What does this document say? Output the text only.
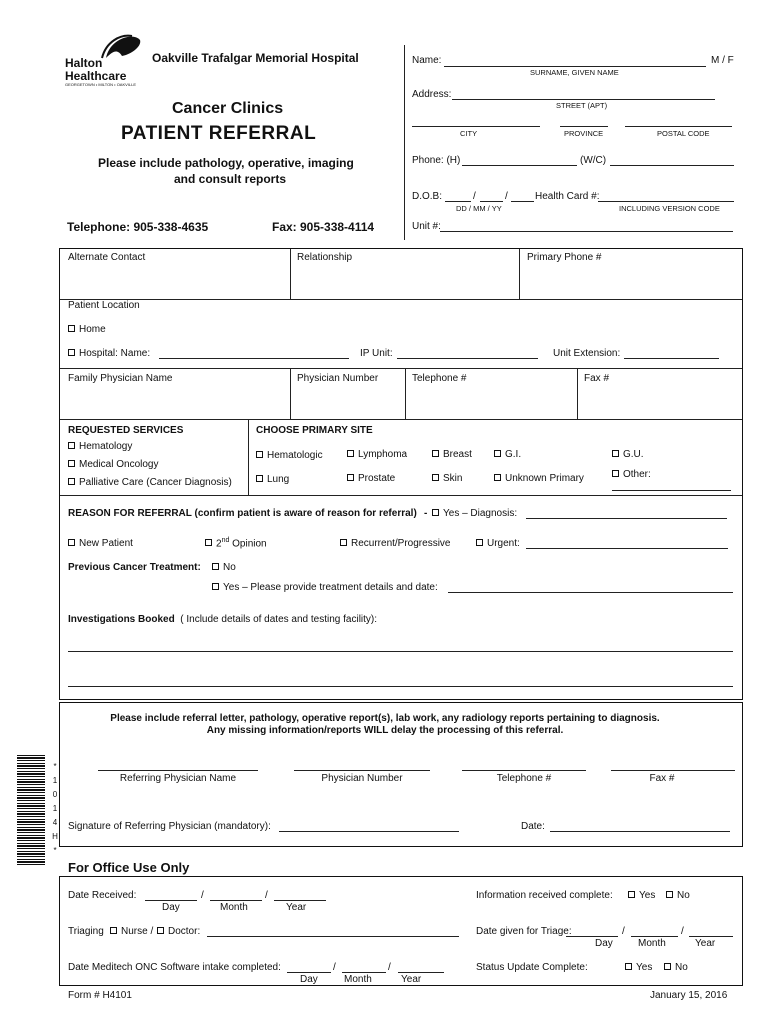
Halton
Healthcare
GEORGETOWN • MILTON • OAKVILLE
Oakville Trafalgar Memorial Hospital
Cancer Clinics
PATIENT REFERRAL
Please include pathology, operative, imaging
and consult reports
Telephone: 905-338-4635	Fax: 905-338-4114
Name:	M / F
SURNAME, GIVEN NAME
Address:
STREET (APT)
CITY	PROVINCE	POSTAL CODE
Phone: (H)	(W/C)
D.O.B:	/	/	Health Card #:
DD / MM / YY	INCLUDING VERSION CODE
Unit #:
Alternate Contact	Relationship	Primary Phone #
Patient Location
Home
Hospital: Name:	IP Unit:	Unit Extension:
Family Physician Name	Physician Number	Telephone #	Fax #
REQUESTED SERVICES
Hematology
Medical Oncology
Palliative Care (Cancer Diagnosis)
CHOOSE PRIMARY SITE
Hematologic	Lymphoma	Breast	G.I.	G.U.
Lung	Prostate	Skin	Unknown Primary	Other:
REASON FOR REFERRAL (confirm patient is aware of reason for referral) -	Yes – Diagnosis:
New Patient	2nd Opinion	Recurrent/Progressive	Urgent:
Previous Cancer Treatment:	No
Yes – Please provide treatment details and date:
Investigations Booked ( Include details of dates and testing facility):
Please include referral letter, pathology, operative report(s), lab work, any radiology reports pertaining to diagnosis.
Any missing information/reports WILL delay the processing of this referral.
Referring Physician Name	Physician Number	Telephone #	Fax #
Signature of Referring Physician (mandatory):	Date:
*
1
0
1
4
H
*
For Office Use Only
Date Received:	/	/
Day	Month	Year
Information received complete:	Yes	No
Triaging	Nurse /	Doctor:	Date given for Triage:	/	/
Day	Month	Year
Date Meditech ONC Software intake completed:	/	/
Day	Month	Year
Status Update Complete:	Yes	No
Form # H4101	January 15, 2016
